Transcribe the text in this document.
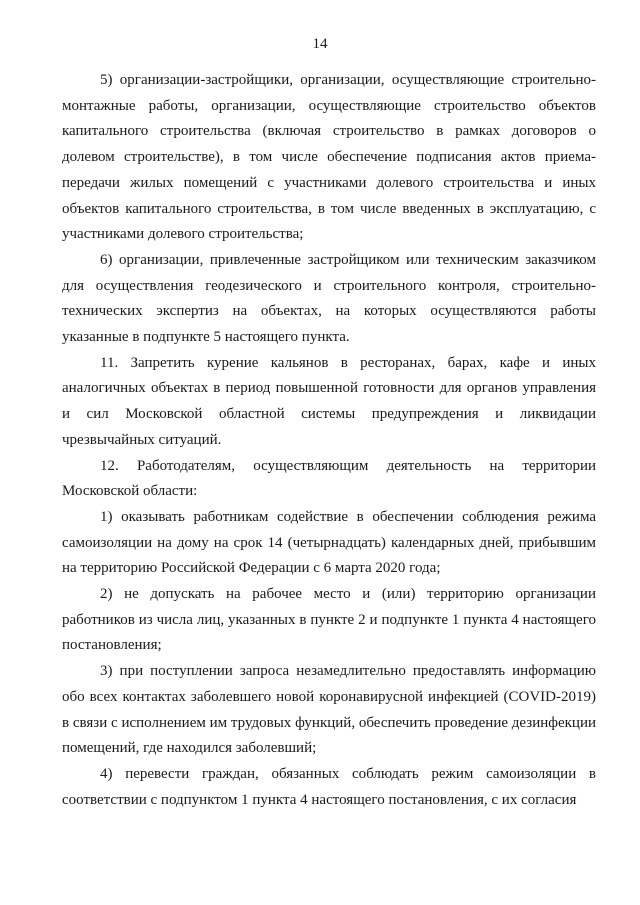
14

5) организации-застройщики, организации, осуществляющие строительно-монтажные работы, организации, осуществляющие строительство объектов капитального строительства (включая строительство в рамках договоров о долевом строительстве), в том числе обеспечение подписания актов приема-передачи жилых помещений с участниками долевого строительства и иных объектов капитального строительства, в том числе введенных в эксплуатацию, с участниками долевого строительства;

6) организации, привлеченные застройщиком или техническим заказчиком для осуществления геодезического и строительного контроля, строительно-технических экспертиз на объектах, на которых осуществляются работы указанные в подпункте 5 настоящего пункта.

11. Запретить курение кальянов в ресторанах, барах, кафе и иных аналогичных объектах в период повышенной готовности для органов управления и сил Московской областной системы предупреждения и ликвидации чрезвычайных ситуаций.

12. Работодателям, осуществляющим деятельность на территории Московской области:

1) оказывать работникам содействие в обеспечении соблюдения режима самоизоляции на дому на срок 14 (четырнадцать) календарных дней, прибывшим на территорию Российской Федерации с 6 марта 2020 года;

2) не допускать на рабочее место и (или) территорию организации работников из числа лиц, указанных в пункте 2 и подпункте 1 пункта 4 настоящего постановления;

3) при поступлении запроса незамедлительно предоставлять информацию обо всех контактах заболевшего новой коронавирусной инфекцией (COVID-2019) в связи с исполнением им трудовых функций, обеспечить проведение дезинфекции помещений, где находился заболевший;

4) перевести граждан, обязанных соблюдать режим самоизоляции в соответствии с подпунктом 1 пункта 4 настоящего постановления, с их согласия
